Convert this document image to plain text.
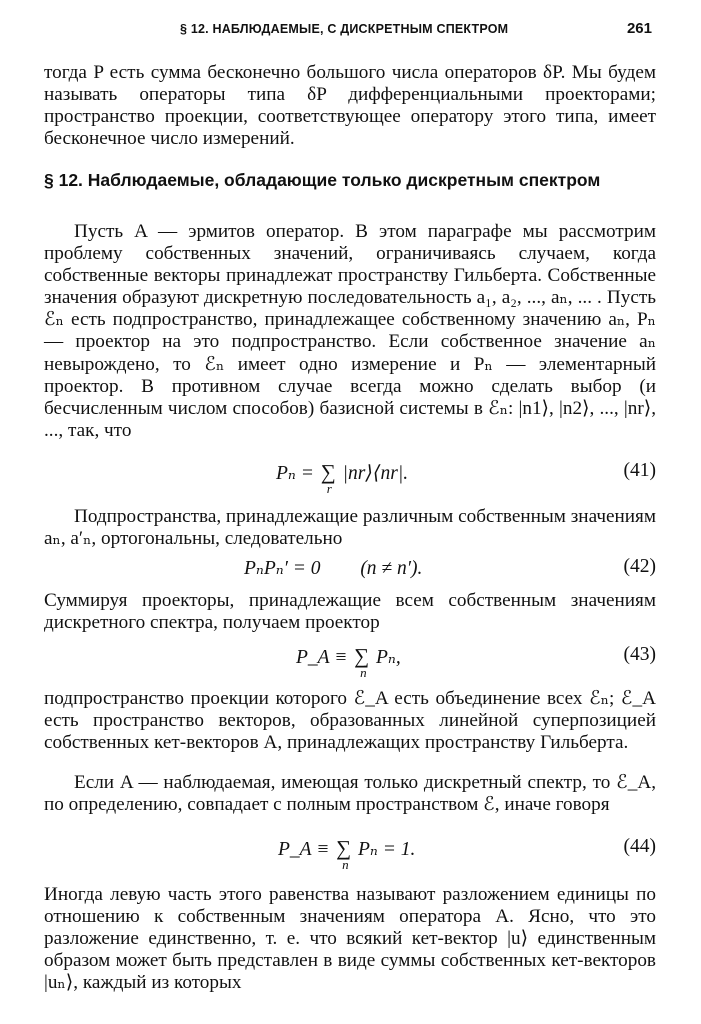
§ 12. НАБЛЮДАЕМЫЕ, С ДИСКРЕТНЫМ СПЕКТРОМ	261

тогда P есть сумма бесконечно большого числа операторов δP. Мы будем называть операторы типа δP дифференциальными проекторами; пространство проекции, соответствующее оператору этого типа, имеет бесконечное число измерений.

§ 12. Наблюдаемые, обладающие только дискретным спектром

Пусть A — эрмитов оператор. В этом параграфе мы рассмотрим проблему собственных значений, ограничиваясь случаем, когда собственные векторы принадлежат пространству Гильберта. Собственные значения образуют дискретную последовательность a₁, a₂, ..., aₙ, ... . Пусть ℰₙ есть подпространство, принадлежащее собственному значению aₙ, Pₙ — проектор на это подпространство. Если собственное значение aₙ невырождено, то ℰₙ имеет одно измерение и Pₙ — элементарный проектор. В противном случае всегда можно сделать выбор (и бесчисленным числом способов) базисной системы в ℰₙ: |n1⟩, |n2⟩, ..., |nr⟩, ..., так, что

Pₙ = ∑
r
|nr⟩⟨nr|.	(41)

Подпространства, принадлежащие различным собственным значениям aₙ, a′ₙ, ортогональны, следовательно

PₙPₙ′ = 0 (n ≠ n′).	(42)

Суммируя проекторы, принадлежащие всем собственным значениям дискретного спектра, получаем проектор

P_A ≡ ∑
n
Pₙ,	(43)

подпространство проекции которого ℰ_A есть объединение всех ℰₙ; ℰ_A есть пространство векторов, образованных линейной суперпозицией собственных кет-векторов A, принадлежащих пространству Гильберта.

Если A — наблюдаемая, имеющая только дискретный спектр, то ℰ_A, по определению, совпадает с полным пространством ℰ, иначе говоря

P_A ≡ ∑
n
Pₙ = 1.	(44)

Иногда левую часть этого равенства называют разложением единицы по отношению к собственным значениям оператора A. Ясно, что это разложение единственно, т. е. что всякий кет-вектор |u⟩ единственным образом может быть представлен в виде суммы собственных кет-векторов |uₙ⟩, каждый из которых
